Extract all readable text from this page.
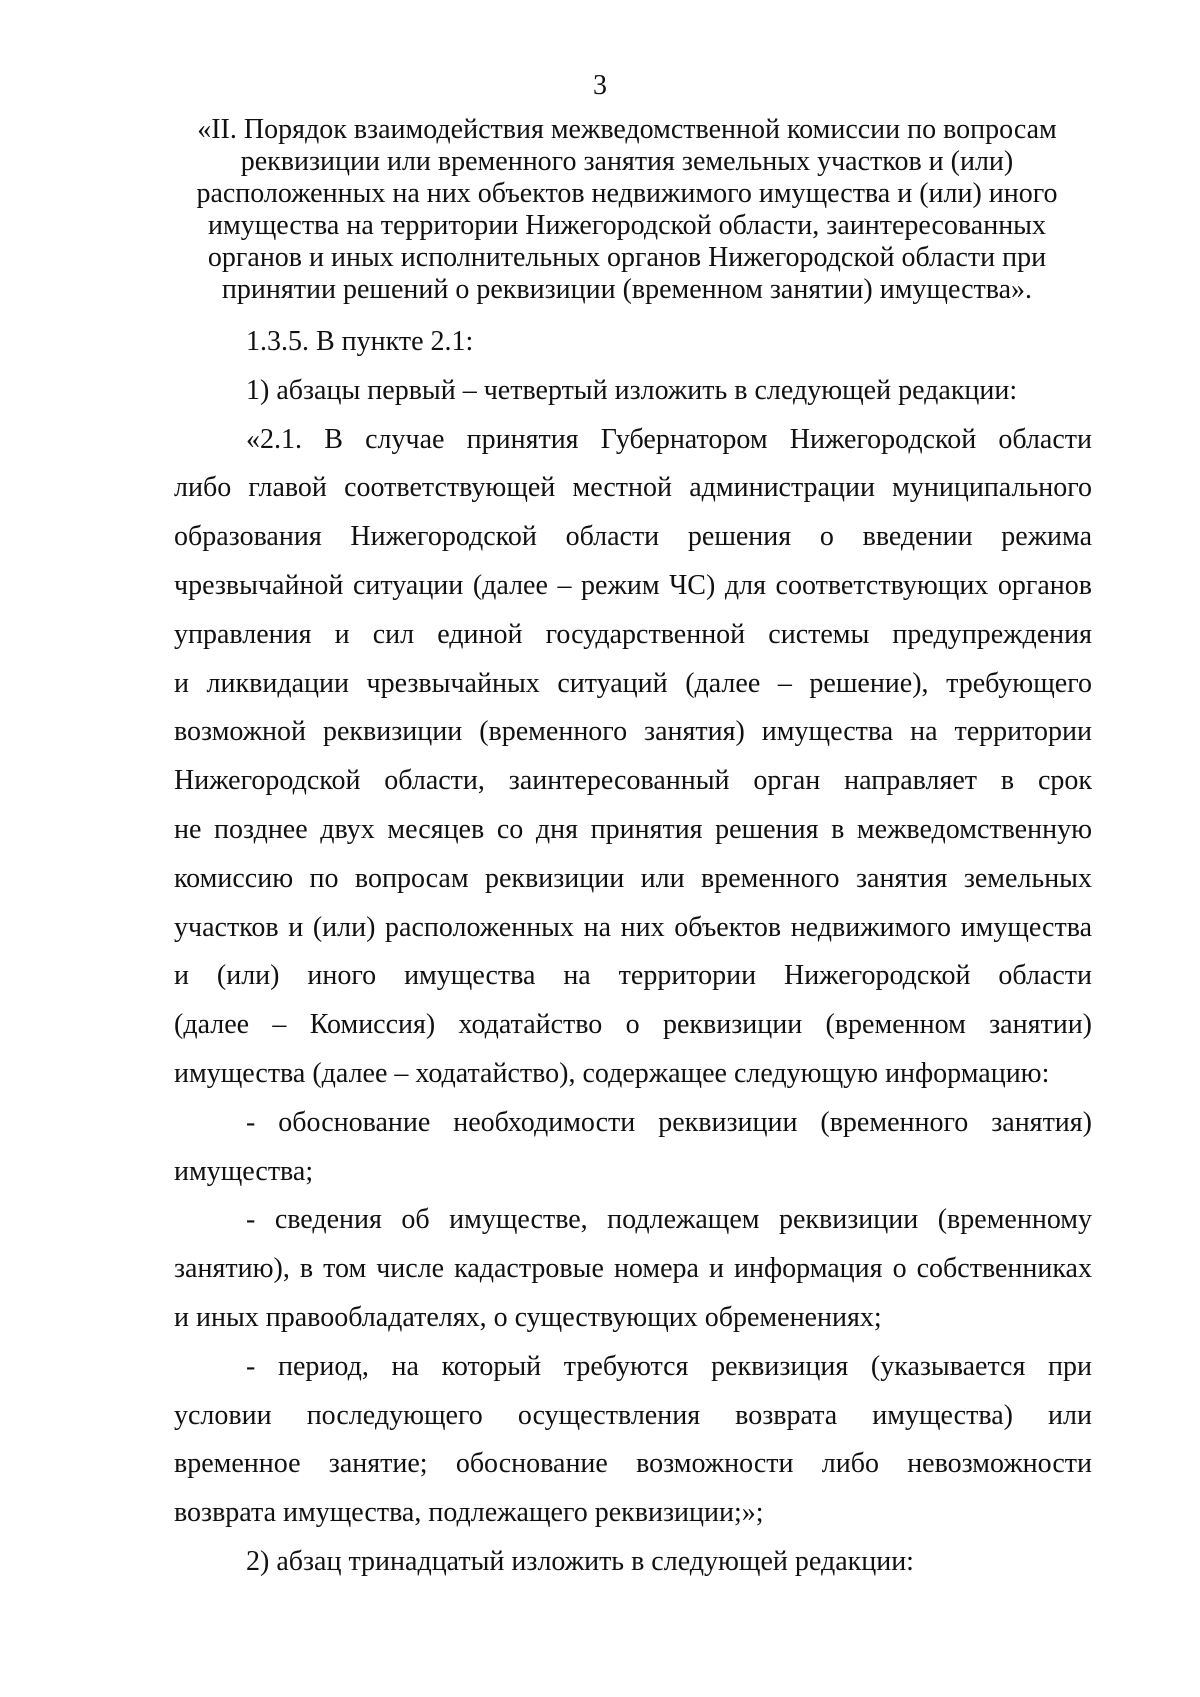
3
«II. Порядок взаимодействия межведомственной комиссии по вопросам
реквизиции или временного занятия земельных участков и (или)
расположенных на них объектов недвижимого имущества и (или) иного
имущества на территории Нижегородской области, заинтересованных
органов и иных исполнительных органов Нижегородской области при
принятии решений о реквизиции (временном занятии) имущества».
1.3.5. В пункте 2.1:
1) абзацы первый – четвертый изложить в следующей редакции:
«2.1. В случае принятия Губернатором Нижегородской области
либо главой соответствующей местной администрации муниципального
образования Нижегородской области решения о введении режима
чрезвычайной ситуации (далее – режим ЧС) для соответствующих органов
управления и сил единой государственной системы предупреждения
и ликвидации чрезвычайных ситуаций (далее – решение), требующего
возможной реквизиции (временного занятия) имущества на территории
Нижегородской области, заинтересованный орган направляет в срок
не позднее двух месяцев со дня принятия решения в межведомственную
комиссию по вопросам реквизиции или временного занятия земельных
участков и (или) расположенных на них объектов недвижимого имущества
и (или) иного имущества на территории Нижегородской области
(далее – Комиссия) ходатайство о реквизиции (временном занятии)
имущества (далее – ходатайство), содержащее следующую информацию:
- обоснование необходимости реквизиции (временного занятия)
имущества;
- сведения об имуществе, подлежащем реквизиции (временному
занятию), в том числе кадастровые номера и информация о собственниках
и иных правообладателях, о существующих обременениях;
- период, на который требуются реквизиция (указывается при
условии последующего осуществления возврата имущества) или
временное занятие; обоснование возможности либо невозможности
возврата имущества, подлежащего реквизиции;»;
2) абзац тринадцатый изложить в следующей редакции:
